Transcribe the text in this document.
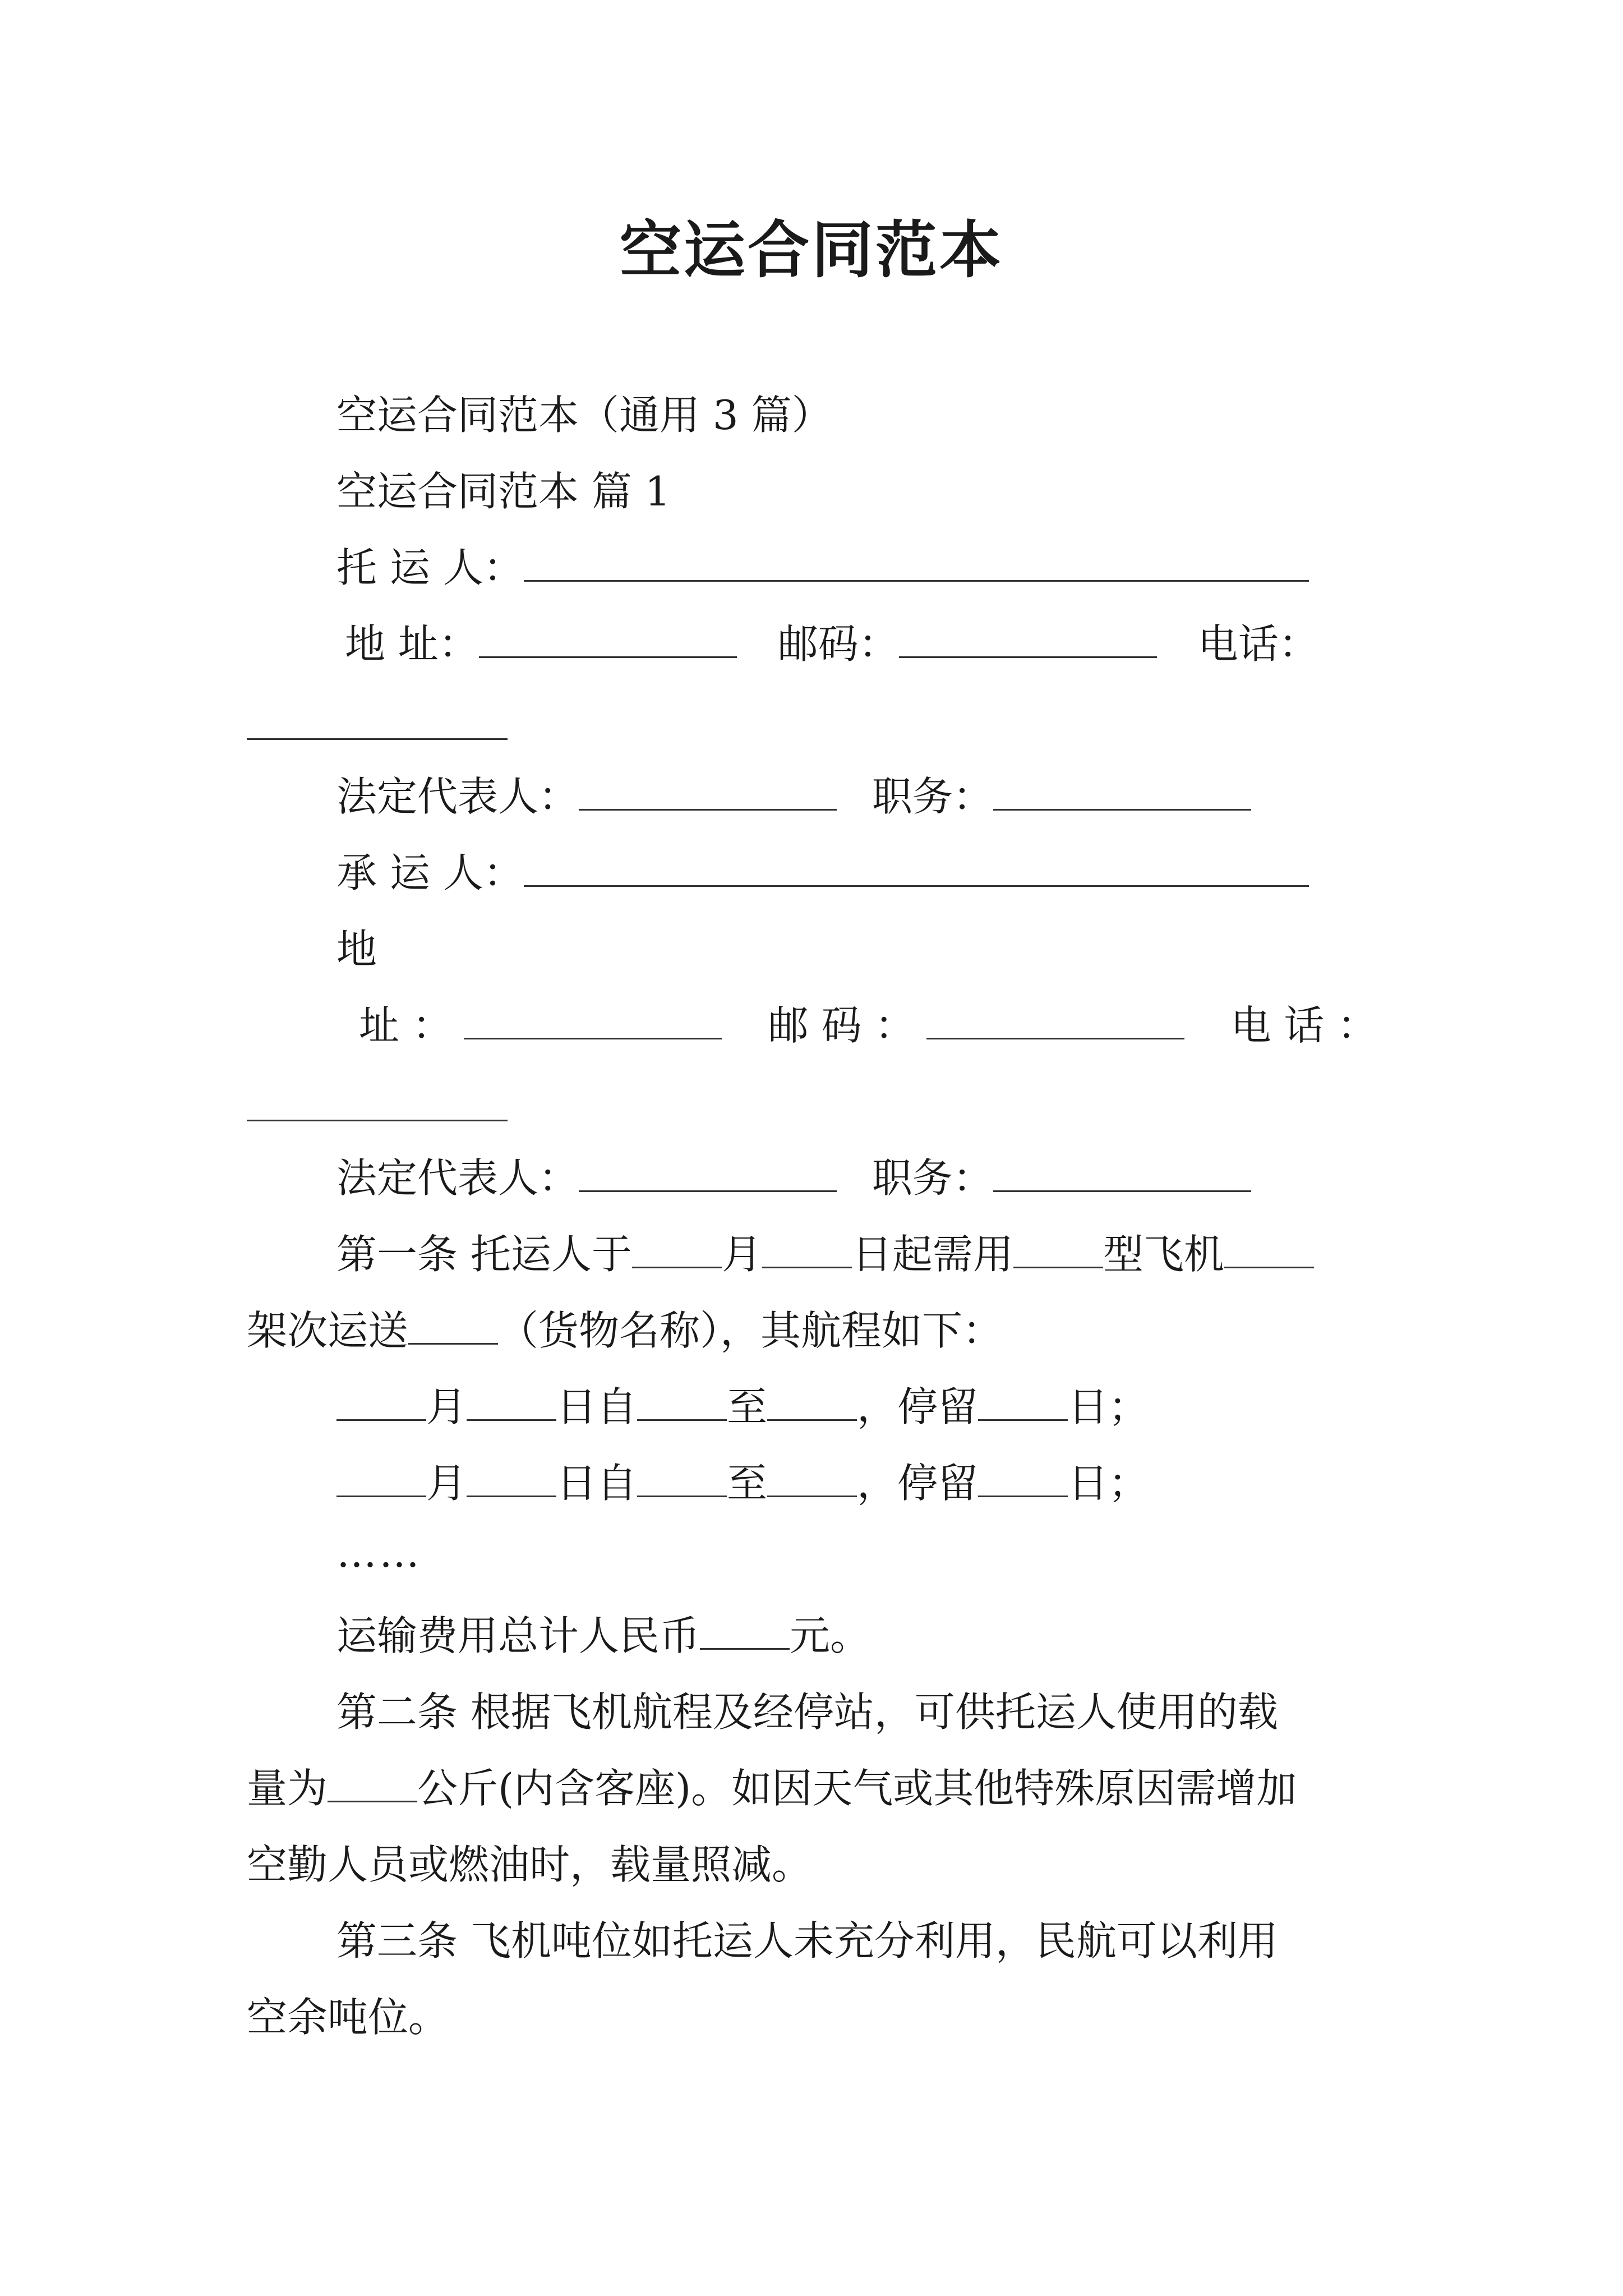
空运合同范本
空运合同范本（通用 3 篇）
空运合同范本 篇 1
托 运 人：
地 址：	邮码：	电话：
法定代表人：	职务：
承 运 人：
地
址 ：	邮 码 ：	电 话 ：
法定代表人：	职务：
第一条 托运人于 月 日起需用 型飞机
架次运送 （货物名称），其航程如下：
月 日自 至 ，停留 日；
月 日自 至 ，停留 日；
……
运输费用总计人民币 元。
第二条 根据飞机航程及经停站，可供托运人使用的载
量为 公斤(内含客座)。如因天气或其他特殊原因需增加
空勤人员或燃油时，载量照减。
第三条 飞机吨位如托运人未充分利用，民航可以利用
空余吨位。
